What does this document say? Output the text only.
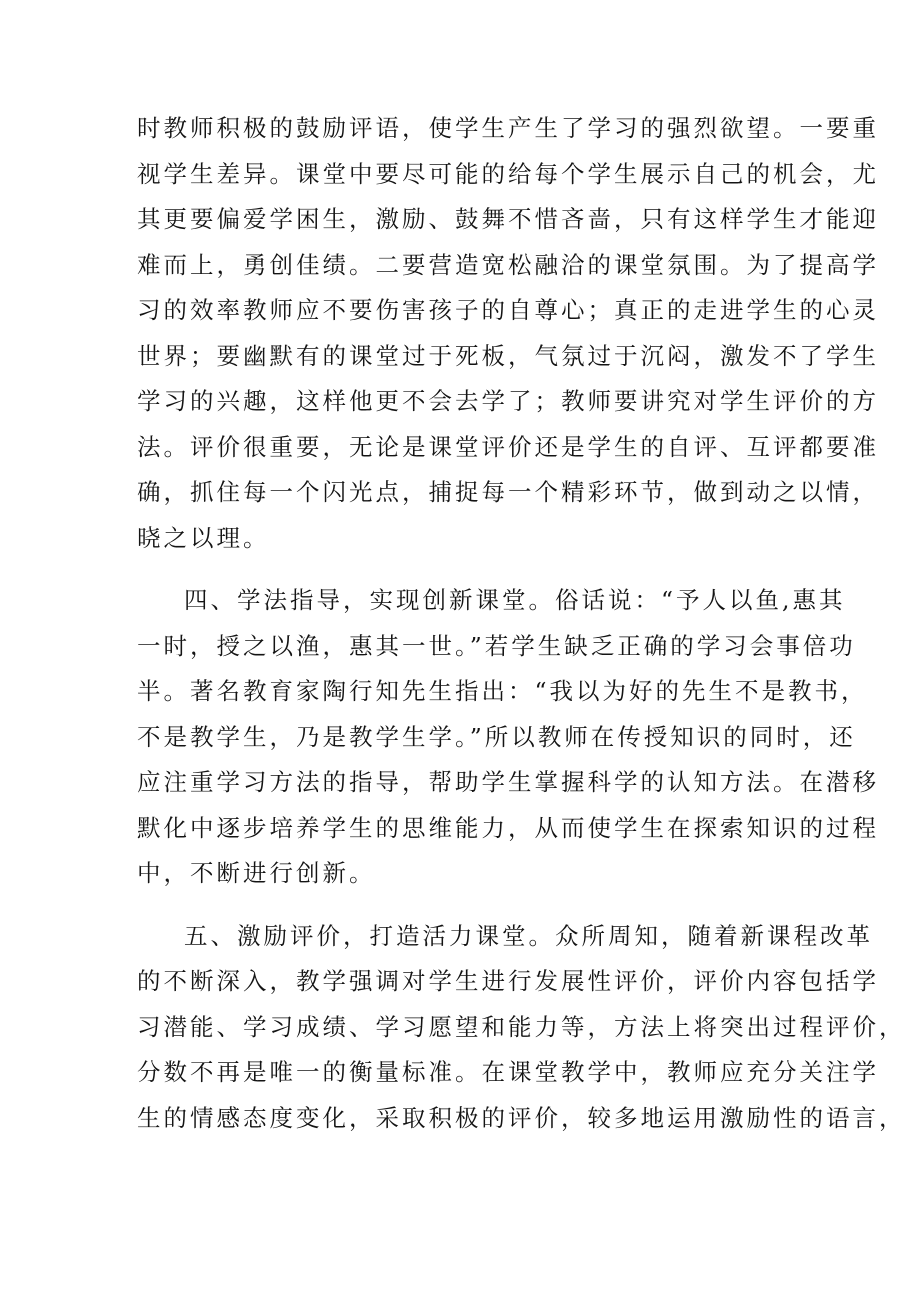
时教师积极的鼓励评语，使学生产生了学习的强烈欲望。一要重
视学生差异。课堂中要尽可能的给每个学生展示自己的机会，尤
其更要偏爱学困生，激励、鼓舞不惜吝啬，只有这样学生才能迎
难而上，勇创佳绩。二要营造宽松融洽的课堂氛围。为了提高学
习的效率教师应不要伤害孩子的自尊心；真正的走进学生的心灵
世界；要幽默有的课堂过于死板，气氛过于沉闷，激发不了学生
学习的兴趣，这样他更不会去学了；教师要讲究对学生评价的方
法。评价很重要，无论是课堂评价还是学生的自评、互评都要准
确，抓住每一个闪光点，捕捉每一个精彩环节，做到动之以情，
晓之以理。
四、学法指导，实现创新课堂。俗话说：“予人以鱼,惠其
一时，授之以渔，惠其一世。”若学生缺乏正确的学习会事倍功
半。著名教育家陶行知先生指出：“我以为好的先生不是教书，
不是教学生，乃是教学生学。”所以教师在传授知识的同时，还
应注重学习方法的指导，帮助学生掌握科学的认知方法。在潜移
默化中逐步培养学生的思维能力，从而使学生在探索知识的过程
中，不断进行创新。
五、激励评价，打造活力课堂。众所周知，随着新课程改革
的不断深入，教学强调对学生进行发展性评价，评价内容包括学
习潜能、学习成绩、学习愿望和能力等，方法上将突出过程评价，
分数不再是唯一的衡量标准。在课堂教学中，教师应充分关注学
生的情感态度变化，采取积极的评价，较多地运用激励性的语言，
